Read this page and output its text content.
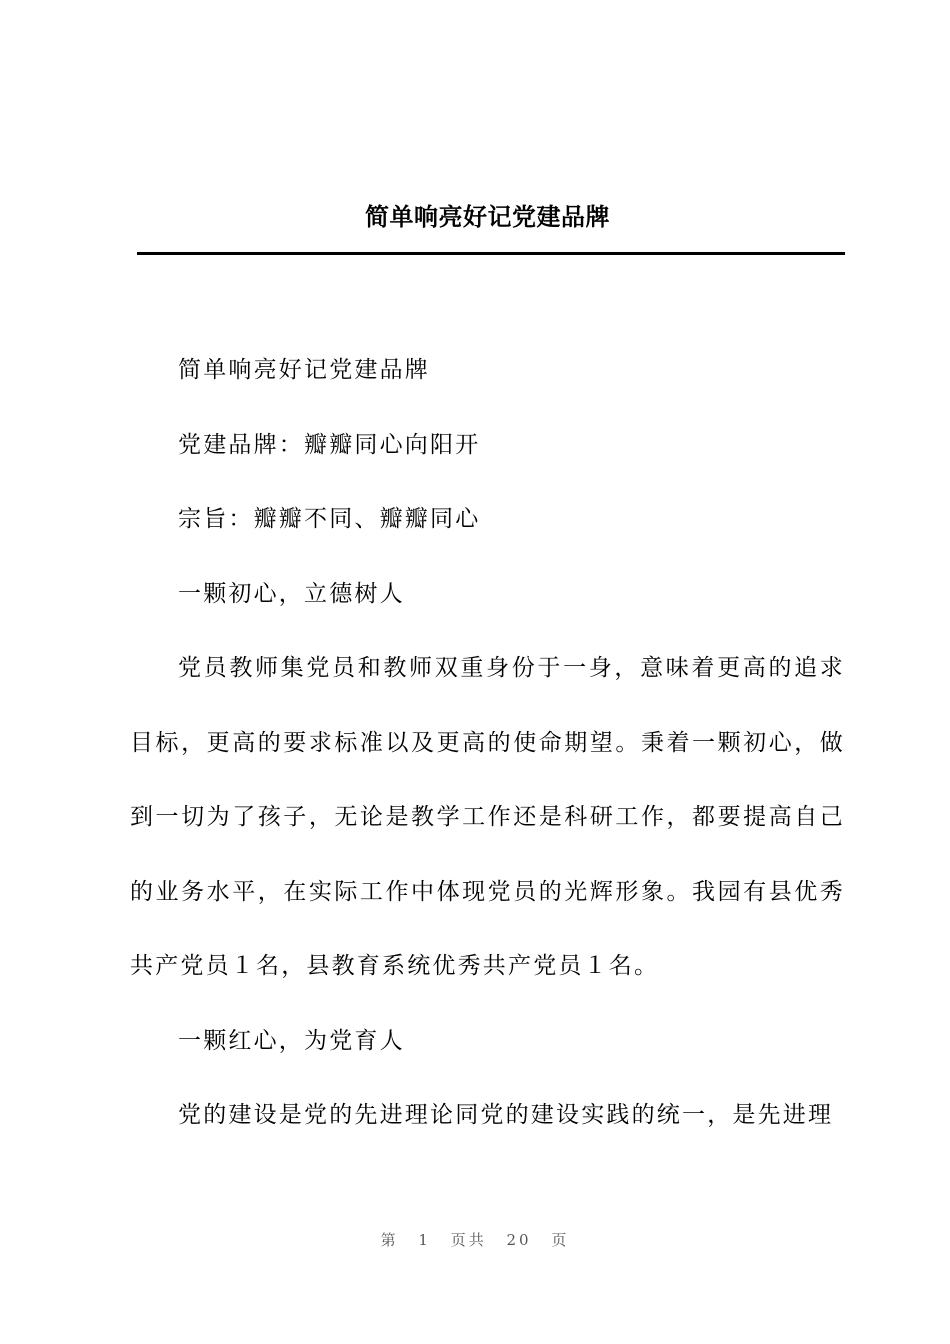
简单响亮好记党建品牌

简单响亮好记党建品牌

党建品牌：瓣瓣同心向阳开

宗旨：瓣瓣不同、瓣瓣同心

一颗初心，立德树人

党员教师集党员和教师双重身份于一身，意味着更高的追求目标，更高的要求标准以及更高的使命期望。秉着一颗初心，做到一切为了孩子，无论是教学工作还是科研工作，都要提高自己的业务水平，在实际工作中体现党员的光辉形象。我园有县优秀共产党员１名，县教育系统优秀共产党员１名。

一颗红心，为党育人

党的建设是党的先进理论同党的建设实践的统一，是先进理

第 1 页共 20 页
